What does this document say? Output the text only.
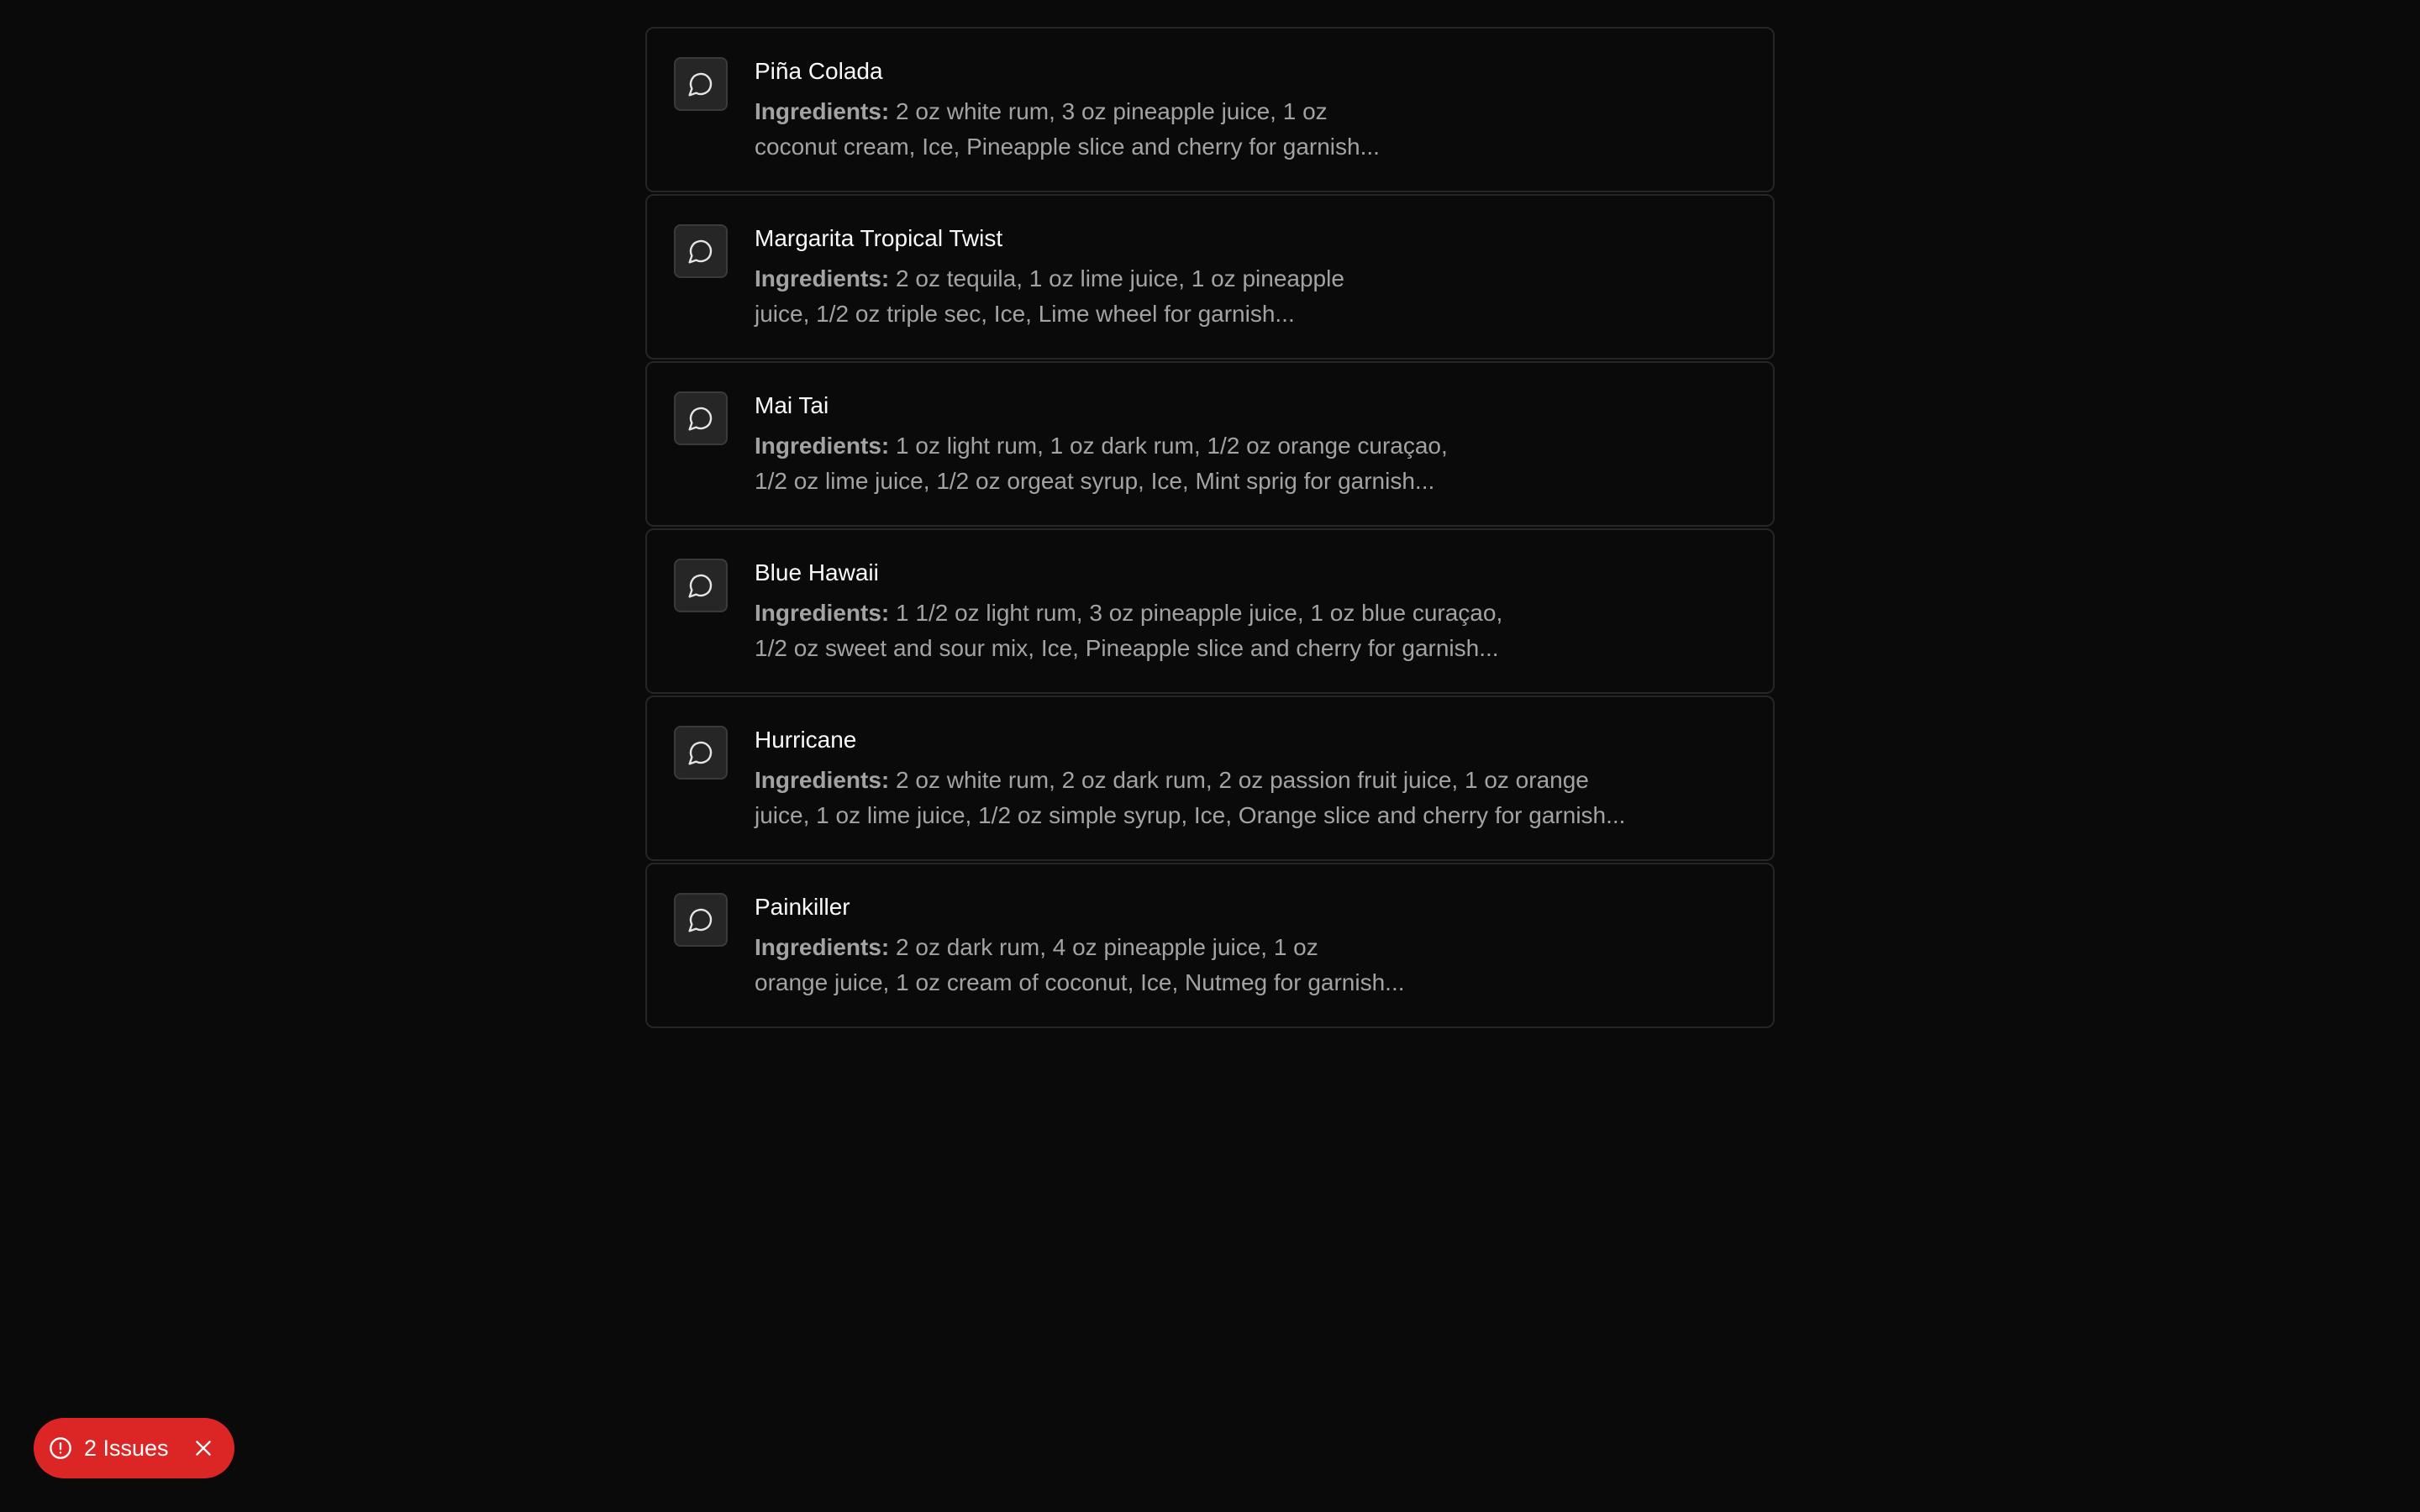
Piña Colada
Ingredients: 2 oz white rum, 3 oz pineapple juice, 1 oz
coconut cream, Ice, Pineapple slice and cherry for garnish...
Margarita Tropical Twist
Ingredients: 2 oz tequila, 1 oz lime juice, 1 oz pineapple
juice, 1/2 oz triple sec, Ice, Lime wheel for garnish...
Mai Tai
Ingredients: 1 oz light rum, 1 oz dark rum, 1/2 oz orange curaçao,
1/2 oz lime juice, 1/2 oz orgeat syrup, Ice, Mint sprig for garnish...
Blue Hawaii
Ingredients: 1 1/2 oz light rum, 3 oz pineapple juice, 1 oz blue curaçao,
1/2 oz sweet and sour mix, Ice, Pineapple slice and cherry for garnish...
Hurricane
Ingredients: 2 oz white rum, 2 oz dark rum, 2 oz passion fruit juice, 1 oz orange
juice, 1 oz lime juice, 1/2 oz simple syrup, Ice, Orange slice and cherry for garnish...
Painkiller
Ingredients: 2 oz dark rum, 4 oz pineapple juice, 1 oz
orange juice, 1 oz cream of coconut, Ice, Nutmeg for garnish...
2 Issues
